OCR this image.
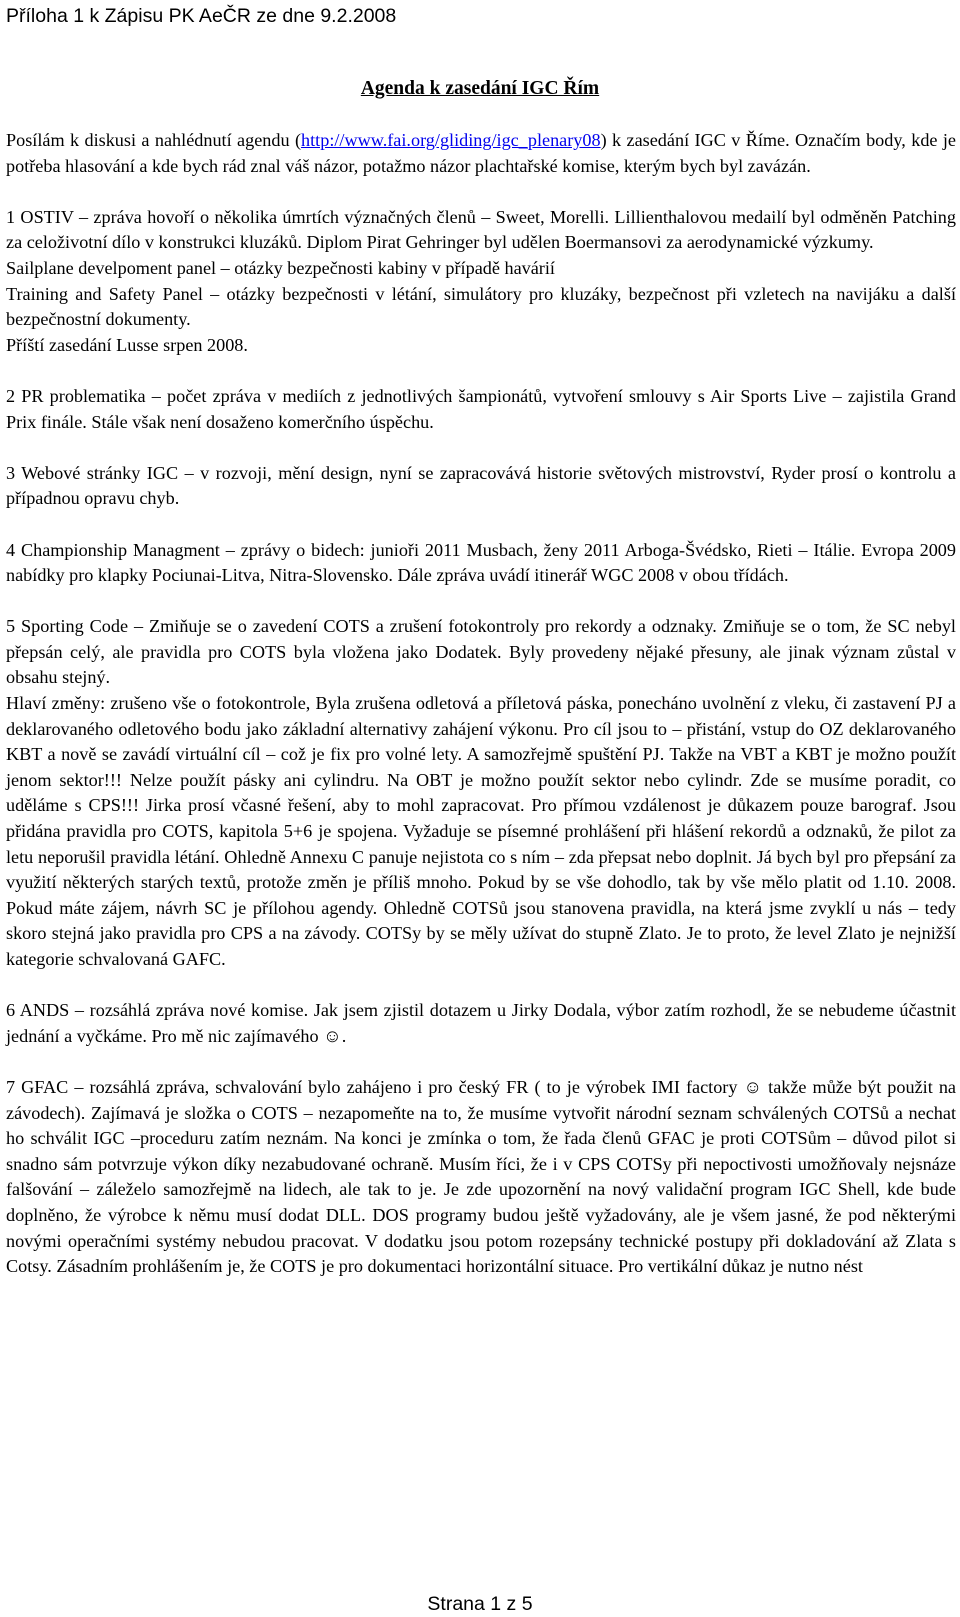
Příloha 1 k Zápisu PK AeČR ze dne 9.2.2008
Agenda k zasedání IGC Řím

Posílám k diskusi a nahlédnutí agendu (http://www.fai.org/gliding/igc_plenary08) k zasedání IGC v Říme. Označím body, kde je potřeba hlasování a kde bych rád znal váš názor, potažmo názor plachtařské komise, kterým bych byl zavázán.

1 OSTIV – zpráva hovoří o několika úmrtích význačných členů – Sweet, Morelli. Lillienthalovou medailí byl odměněn Patching za celoživotní dílo v konstrukci kluzáků. Diplom Pirat Gehringer byl udělen Boermansovi za aerodynamické výzkumy.

Sailplane develpoment panel – otázky bezpečnosti kabiny v případě havárií

Training and Safety Panel – otázky bezpečnosti v létání, simulátory pro kluzáky, bezpečnost při vzletech na navijáku a další bezpečnostní dokumenty.

Příští zasedání Lusse srpen 2008.

2 PR problematika – počet zpráva v mediích z jednotlivých šampionátů, vytvoření smlouvy s Air Sports Live – zajistila Grand Prix finále. Stále však není dosaženo komerčního úspěchu.

3 Webové stránky IGC – v rozvoji, mění design, nyní se zapracovává historie světových mistrovství, Ryder prosí o kontrolu a případnou opravu chyb.

4 Championship Managment – zprávy o bidech: junioři 2011 Musbach, ženy 2011 Arboga-Švédsko, Rieti – Itálie. Evropa 2009 nabídky pro klapky Pociunai-Litva, Nitra-Slovensko. Dále zpráva uvádí itinerář WGC 2008 v obou třídách.

5 Sporting Code – Zmiňuje se o zavedení COTS a zrušení fotokontroly pro rekordy a odznaky. Zmiňuje se o tom, že SC nebyl přepsán celý, ale pravidla pro COTS byla vložena jako Dodatek. Byly provedeny nějaké přesuny, ale jinak význam zůstal v obsahu stejný.

Hlaví změny: zrušeno vše o fotokontrole, Byla zrušena odletová a příletová páska, ponecháno uvolnění z vleku, či zastavení PJ a deklarovaného odletového bodu jako základní alternativy zahájení výkonu. Pro cíl jsou to – přistání, vstup do OZ deklarovaného KBT a nově se zavádí virtuální cíl – což je fix pro volné lety. A samozřejmě spuštění PJ. Takže na VBT a KBT je možno použít jenom sektor!!! Nelze použít pásky ani cylindru. Na OBT je možno použít sektor nebo cylindr. Zde se musíme poradit, co uděláme s CPS!!! Jirka prosí včasné řešení, aby to mohl zapracovat. Pro přímou vzdálenost je důkazem pouze barograf. Jsou přidána pravidla pro COTS, kapitola 5+6 je spojena. Vyžaduje se písemné prohlášení při hlášení rekordů a odznaků, že pilot za letu neporušil pravidla létání. Ohledně Annexu C panuje nejistota co s ním – zda přepsat nebo doplnit. Já bych byl pro přepsání za využití některých starých textů, protože změn je příliš mnoho. Pokud by se vše dohodlo, tak by vše mělo platit od 1.10. 2008. Pokud máte zájem, návrh SC je přílohou agendy. Ohledně COTSů jsou stanovena pravidla, na která jsme zvyklí u nás – tedy skoro stejná jako pravidla pro CPS a na závody. COTSy by se měly užívat do stupně Zlato. Je to proto, že level Zlato je nejnižší kategorie schvalovaná GAFC.

6 ANDS – rozsáhlá zpráva nové komise. Jak jsem zjistil dotazem u Jirky Dodala, výbor zatím rozhodl, že se nebudeme účastnit jednání a vyčkáme. Pro mě nic zajímavého ☺.

7 GFAC – rozsáhlá zpráva, schvalování bylo zahájeno i pro český FR ( to je výrobek IMI factory ☺ takže může být použit na závodech). Zajímavá je složka o COTS – nezapomeňte na to, že musíme vytvořit národní seznam schválených COTSů a nechat ho schválit IGC –proceduru zatím neznám. Na konci je zmínka o tom, že řada členů GFAC je proti COTSům – důvod pilot si snadno sám potvrzuje výkon díky nezabudované ochraně. Musím říci, že i v CPS COTSy při nepoctivosti umožňovaly nejsnáze falšování – záleželo samozřejmě na lidech, ale tak to je. Je zde upozornění na nový validační program IGC Shell, kde bude doplněno, že výrobce k němu musí dodat DLL. DOS programy budou ještě vyžadovány, ale je všem jasné, že pod některými novými operačními systémy nebudou pracovat. V dodatku jsou potom rozepsány technické postupy při dokladování až Zlata s Cotsy. Zásadním prohlášením je, že COTS je pro dokumentaci horizontální situace. Pro vertikální důkaz je nutno nést

Strana 1 z 5
